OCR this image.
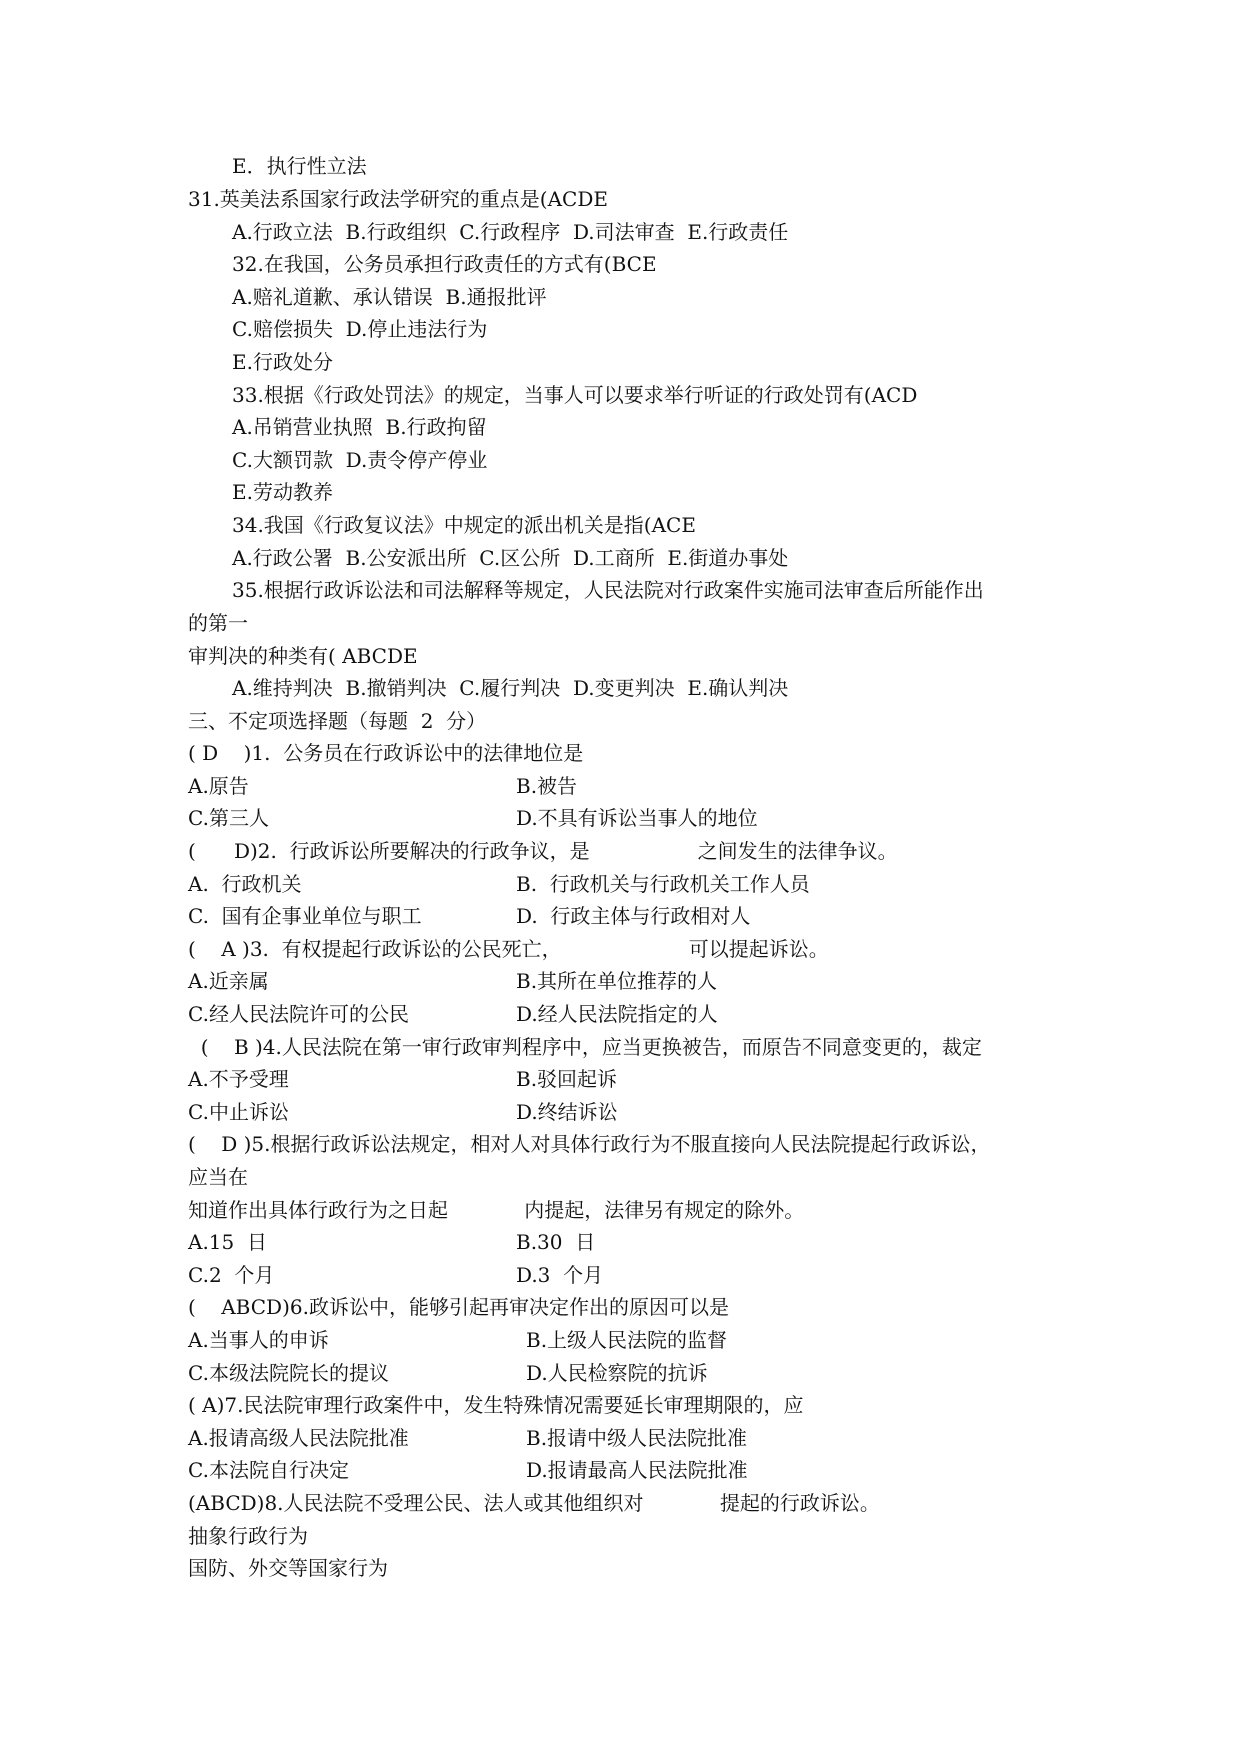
E．执行性立法
31.英美法系国家行政法学研究的重点是(ACDE
A.行政立法  B.行政组织  C.行政程序  D.司法审查  E.行政责任
32.在我国，公务员承担行政责任的方式有(BCE
A.赔礼道歉、承认错误  B.通报批评
C.赔偿损失  D.停止违法行为
E.行政处分
33.根据《行政处罚法》的规定，当事人可以要求举行听证的行政处罚有(ACD
A.吊销营业执照  B.行政拘留
C.大额罚款  D.责令停产停业
E.劳动教养
34.我国《行政复议法》中规定的派出机关是指(ACE
A.行政公署  B.公安派出所  C.区公所  D.工商所  E.街道办事处
35.根据行政诉讼法和司法解释等规定，人民法院对行政案件实施司法审查后所能作出
的第一
审判决的种类有( ABCDE
A.维持判决  B.撤销判决  C.履行判决  D.变更判决  E.确认判决
三、不定项选择题（每题  2  分）
( D    )1.  公务员在行政诉讼中的法律地位是
A.原告	B.被告
C.第三人	D.不具有诉讼当事人的地位
(      D)2.  行政诉讼所要解决的行政争议，是                 之间发生的法律争议。
A.  行政机关	B.  行政机关与行政机关工作人员
C.  国有企事业单位与职工	D.  行政主体与行政相对人
(    A )3.  有权提起行政诉讼的公民死亡，                    可以提起诉讼。
A.近亲属	B.其所在单位推荐的人
C.经人民法院许可的公民	D.经人民法院指定的人
(    B )4.人民法院在第一审行政审判程序中，应当更换被告，而原告不同意变更的，裁定
A.不予受理	B.驳回起诉
C.中止诉讼	D.终结诉讼
(    D )5.根据行政诉讼法规定，相对人对具体行政行为不服直接向人民法院提起行政诉讼，
应当在
知道作出具体行政行为之日起            内提起，法律另有规定的除外。
A.15  日	B.30  日
C.2  个月	D.3  个月
(    ABCD)6.政诉讼中，能够引起再审决定作出的原因可以是
A.当事人的申诉	B.上级人民法院的监督
C.本级法院院长的提议	D.人民检察院的抗诉
( A)7.民法院审理行政案件中，发生特殊情况需要延长审理期限的，应
A.报请高级人民法院批准	B.报请中级人民法院批准
C.本法院自行决定	D.报请最高人民法院批准
(ABCD)8.人民法院不受理公民、法人或其他组织对            提起的行政诉讼。
抽象行政行为
国防、外交等国家行为
